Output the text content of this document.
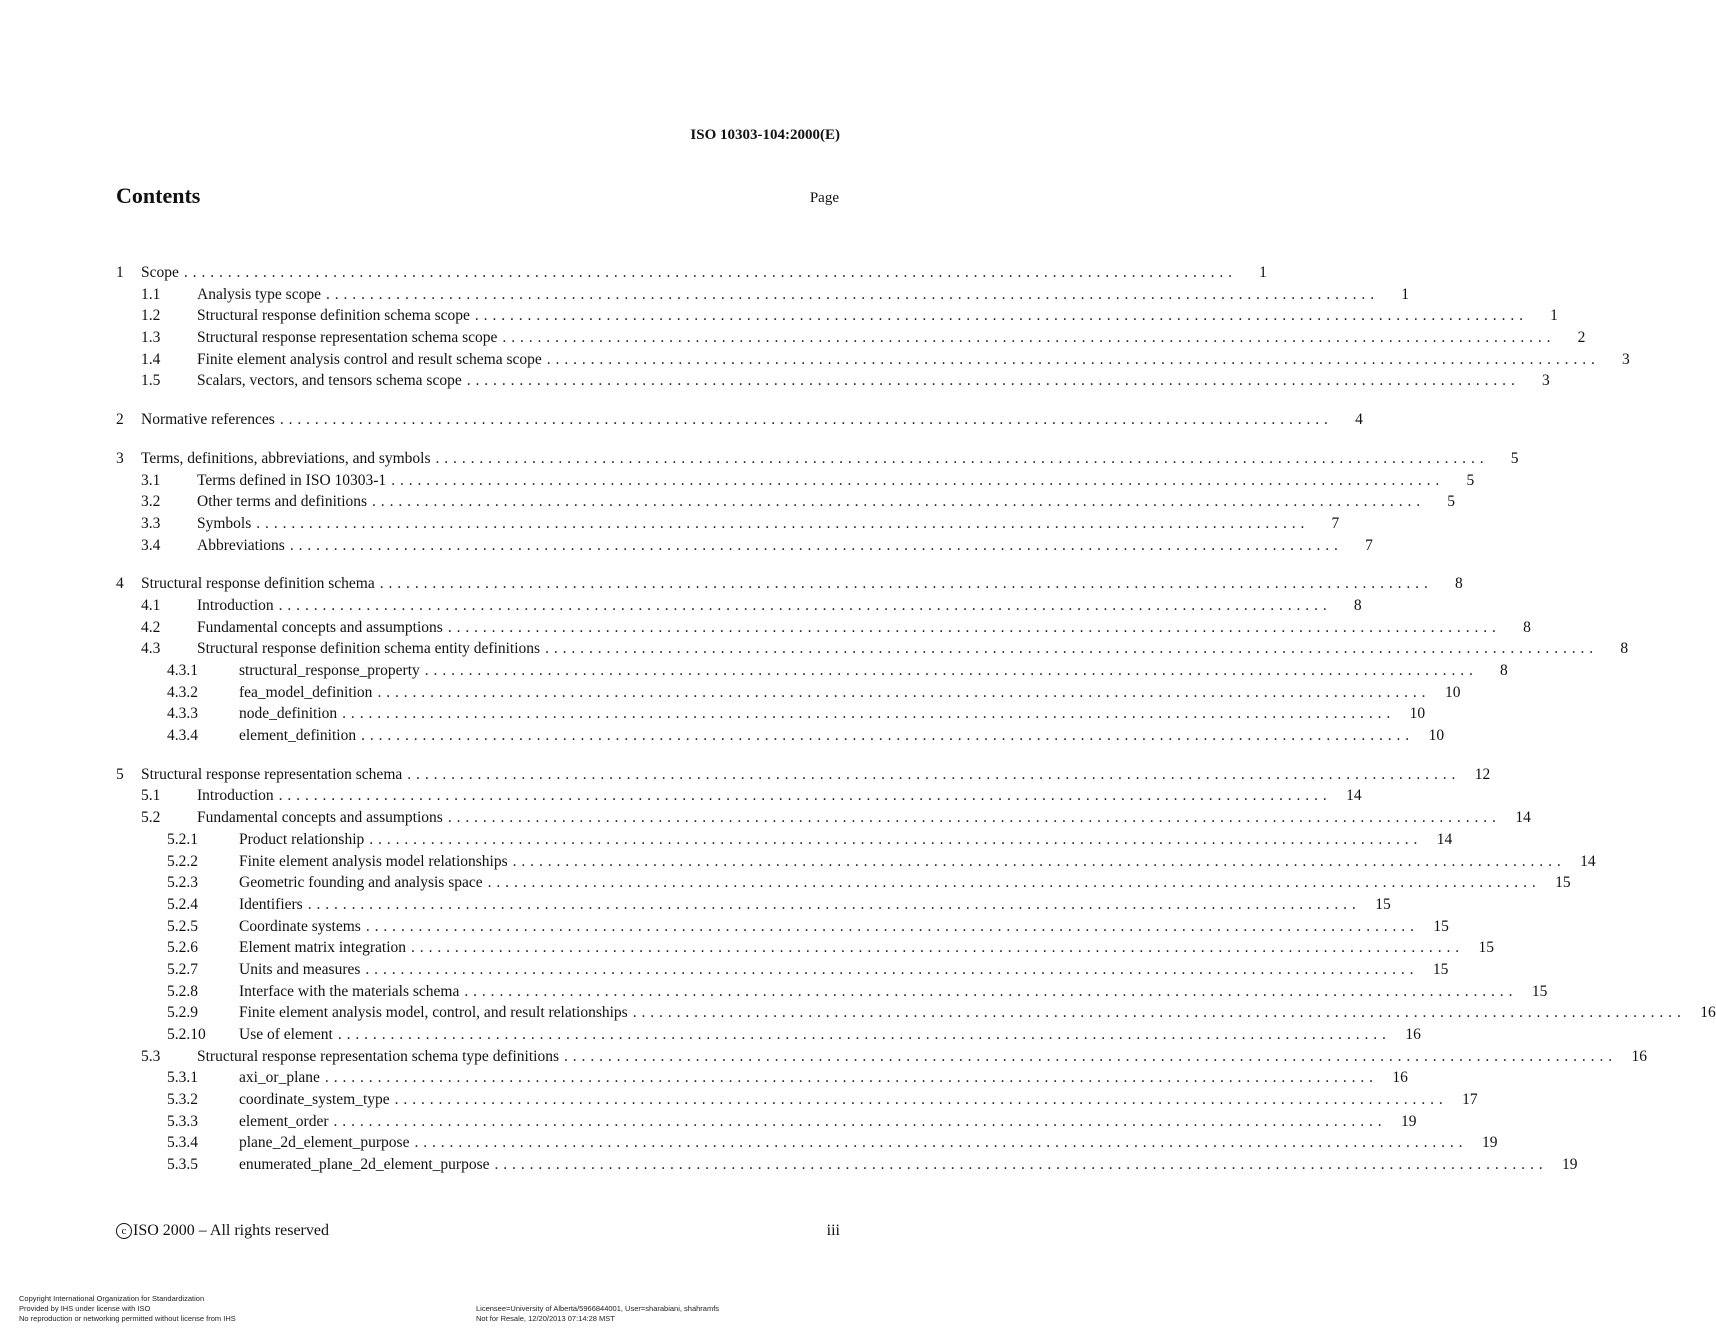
ISO 10303-104:2000(E)
Contents	Page
1	Scope ........................................................................................................................	1
1.1	Analysis type scope ........................................................................................................................	1
1.2	Structural response definition schema scope ........................................................................................................................	1
1.3	Structural response representation schema scope ........................................................................................................................	2
1.4	Finite element analysis control and result schema scope ........................................................................................................................	3
1.5	Scalars, vectors, and tensors schema scope ........................................................................................................................	3
2	Normative references ........................................................................................................................	4
3	Terms, definitions, abbreviations, and symbols ........................................................................................................................	5
3.1	Terms defined in ISO 10303-1 ........................................................................................................................	5
3.2	Other terms and definitions ........................................................................................................................	5
3.3	Symbols ........................................................................................................................	7
3.4	Abbreviations ........................................................................................................................	7
4	Structural response definition schema ........................................................................................................................	8
4.1	Introduction ........................................................................................................................	8
4.2	Fundamental concepts and assumptions ........................................................................................................................	8
4.3	Structural response definition schema entity definitions ........................................................................................................................	8
4.3.1	structural_response_property ........................................................................................................................	8
4.3.2	fea_model_definition ........................................................................................................................ 10
4.3.3	node_definition ........................................................................................................................ 10
4.3.4	element_definition ........................................................................................................................ 10
5	Structural response representation schema ........................................................................................................................ 12
5.1	Introduction ........................................................................................................................ 14
5.2	Fundamental concepts and assumptions ........................................................................................................................ 14
5.2.1	Product relationship ........................................................................................................................ 14
5.2.2	Finite element analysis model relationships ........................................................................................................................ 14
5.2.3	Geometric founding and analysis space ........................................................................................................................ 15
5.2.4	Identifiers ........................................................................................................................ 15
5.2.5	Coordinate systems ........................................................................................................................ 15
5.2.6	Element matrix integration ........................................................................................................................ 15
5.2.7	Units and measures ........................................................................................................................ 15
5.2.8	Interface with the materials schema ........................................................................................................................ 15
5.2.9	Finite element analysis model, control, and result relationships ........................................................................................................................ 16
5.2.10	Use of element ........................................................................................................................ 16
5.3	Structural response representation schema type definitions ........................................................................................................................ 16
5.3.1	axi_or_plane ........................................................................................................................ 16
5.3.2	coordinate_system_type ........................................................................................................................ 17
5.3.3	element_order ........................................................................................................................ 19
5.3.4	plane_2d_element_purpose ........................................................................................................................ 19
5.3.5	enumerated_plane_2d_element_purpose ........................................................................................................................ 19
c ISO 2000 – All rights reserved	iii
Copyright International Organization for Standardization
Provided by IHS under license with ISO
No reproduction or networking permitted without license from IHS
Licensee=University of Alberta/5966844001, User=sharabiani, shahramfs
Not for Resale, 12/20/2013 07:14:28 MST
